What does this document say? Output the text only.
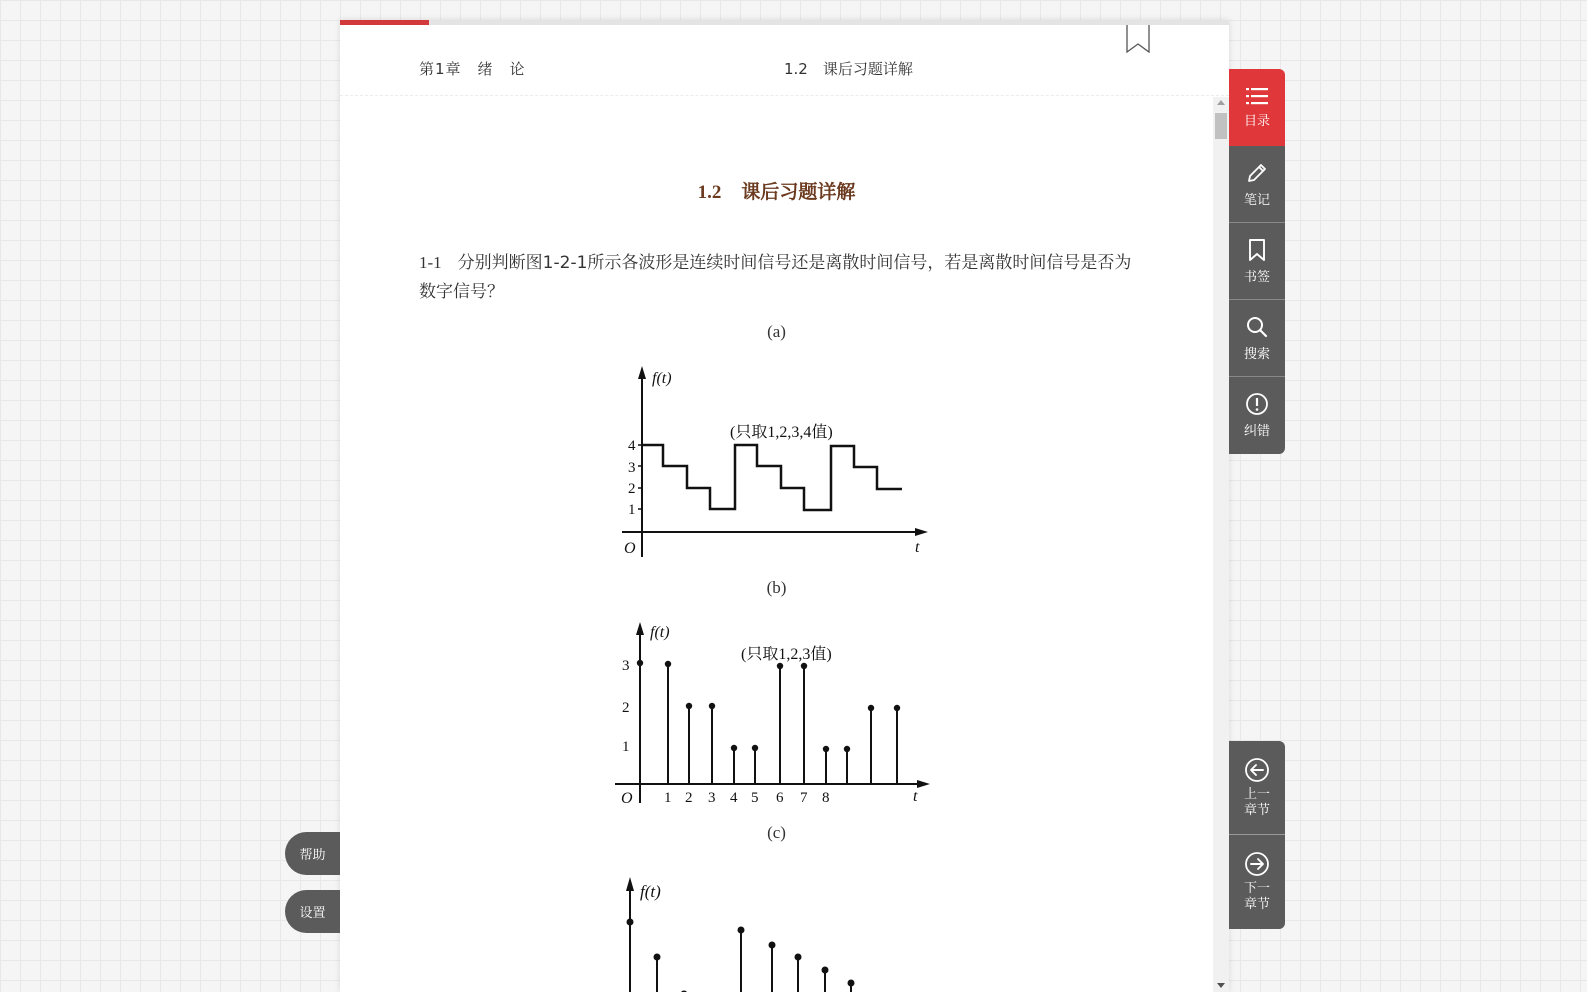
第1章　绪　论	1.2　课后习题详解
1.2 课后习题详解
1-1 分别判断图1-2-1所示各波形是连续时间信号还是离散时间信号，若是离散时间信号是否为数字信号？
(a)
f(t)
O	t
(只取1,2,3,4值)
4
3
2
1
(b)
f(t)
(只取1,2,3值)
O	t
3
2
1
1 2 3 4 5 6 7 8
(c)
f(t)
目录
笔记
书签
搜索
纠错
上一
章节
下一
章节
帮助
设置
